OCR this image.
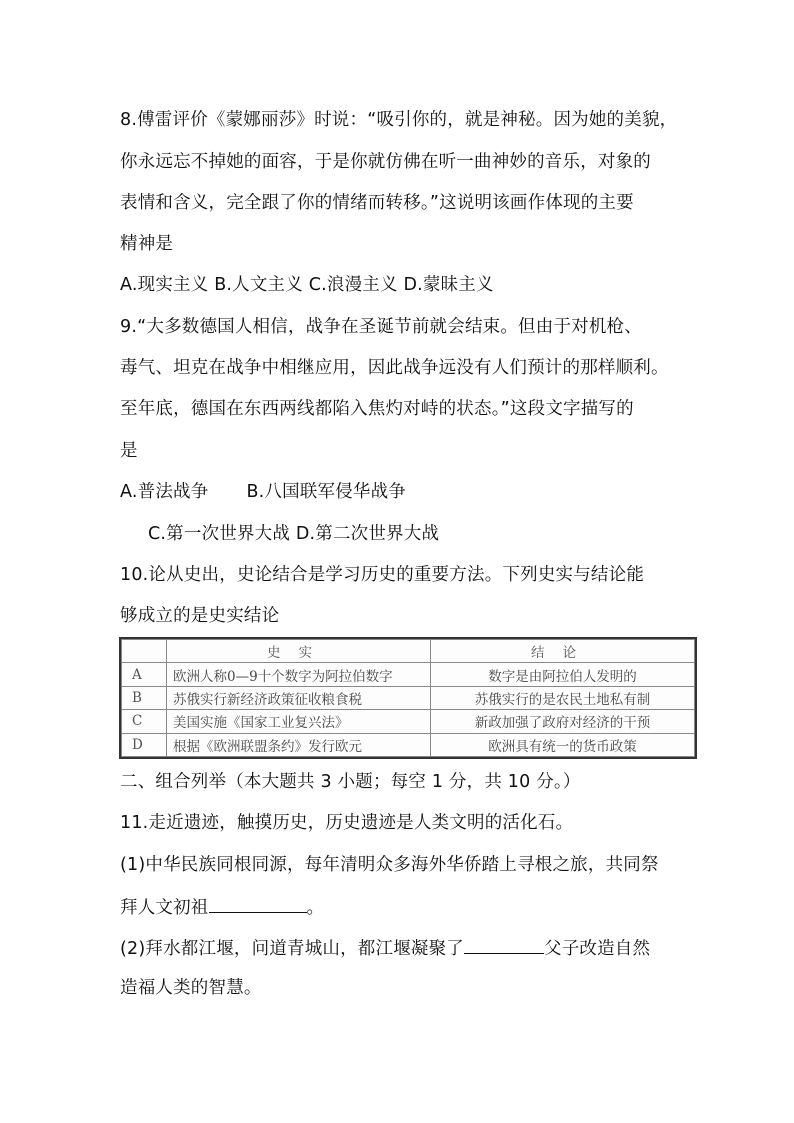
8.傅雷评价《蒙娜丽莎》时说：“吸引你的，就是神秘。因为她的美貌，
你永远忘不掉她的面容，于是你就仿佛在听一曲神妙的音乐，对象的
表情和含义，完全跟了你的情绪而转移。”这说明该画作体现的主要
精神是
A.现实主义 B.人文主义 C.浪漫主义 D.蒙昧主义
9.“大多数德国人相信，战争在圣诞节前就会结束。但由于对机枪、
毒气、坦克在战争中相继应用，因此战争远没有人们预计的那样顺利。
至年底，德国在东西两线都陷入焦灼对峙的状态。”这段文字描写的
是
A.普法战争 B.八国联军侵华战争
C.第一次世界大战 D.第二次世界大战
10.论从史出，史论结合是学习历史的重要方法。下列史实与结论能
够成立的是史实结论
	史实	结论
A	欧洲人称0—9十个数字为阿拉伯数字	数字是由阿拉伯人发明的
B	苏俄实行新经济政策征收粮食税	苏俄实行的是农民土地私有制
C	美国实施《国家工业复兴法》	新政加强了政府对经济的干预
D	根据《欧洲联盟条约》发行欧元	欧洲具有统一的货币政策
二、组合列举（本大题共 3 小题；每空 1 分，共 10 分。）
11.走近遗迹，触摸历史，历史遗迹是人类文明的活化石。
(1)中华民族同根同源，每年清明众多海外华侨踏上寻根之旅，共同祭
拜人文初祖	。
(2)拜水都江堰，问道青城山，都江堰凝聚了	父子改造自然
造福人类的智慧。
